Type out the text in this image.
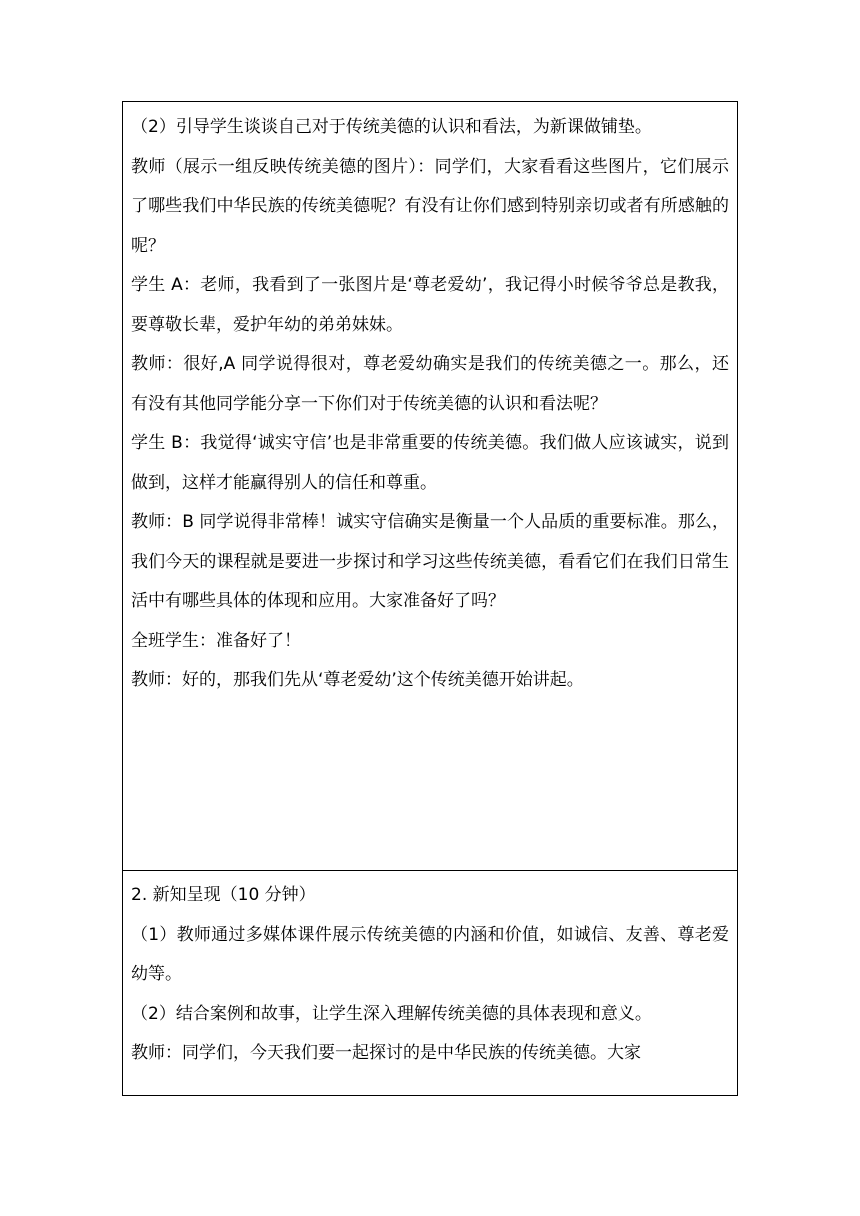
（2）引导学生谈谈自己对于传统美德的认识和看法，为新课做铺垫。

教师（展示一组反映传统美德的图片）：同学们，大家看看这些图片，它们展示了哪些我们中华民族的传统美德呢？有没有让你们感到特别亲切或者有所感触的呢？

学生 A：老师，我看到了一张图片是‘尊老爱幼’，我记得小时候爷爷总是教我，要尊敬长辈，爱护年幼的弟弟妹妹。

教师：很好,A 同学说得很对，尊老爱幼确实是我们的传统美德之一。那么，还有没有其他同学能分享一下你们对于传统美德的认识和看法呢？

学生 B：我觉得‘诚实守信’也是非常重要的传统美德。我们做人应该诚实，说到做到，这样才能赢得别人的信任和尊重。

教师：B 同学说得非常棒！诚实守信确实是衡量一个人品质的重要标准。那么，我们今天的课程就是要进一步探讨和学习这些传统美德，看看它们在我们日常生活中有哪些具体的体现和应用。大家准备好了吗？

全班学生：准备好了！

教师：好的，那我们先从‘尊老爱幼’这个传统美德开始讲起。

2. 新知呈现（10 分钟）

（1）教师通过多媒体课件展示传统美德的内涵和价值，如诚信、友善、尊老爱幼等。

（2）结合案例和故事，让学生深入理解传统美德的具体表现和意义。

教师：同学们，今天我们要一起探讨的是中华民族的传统美德。大家
